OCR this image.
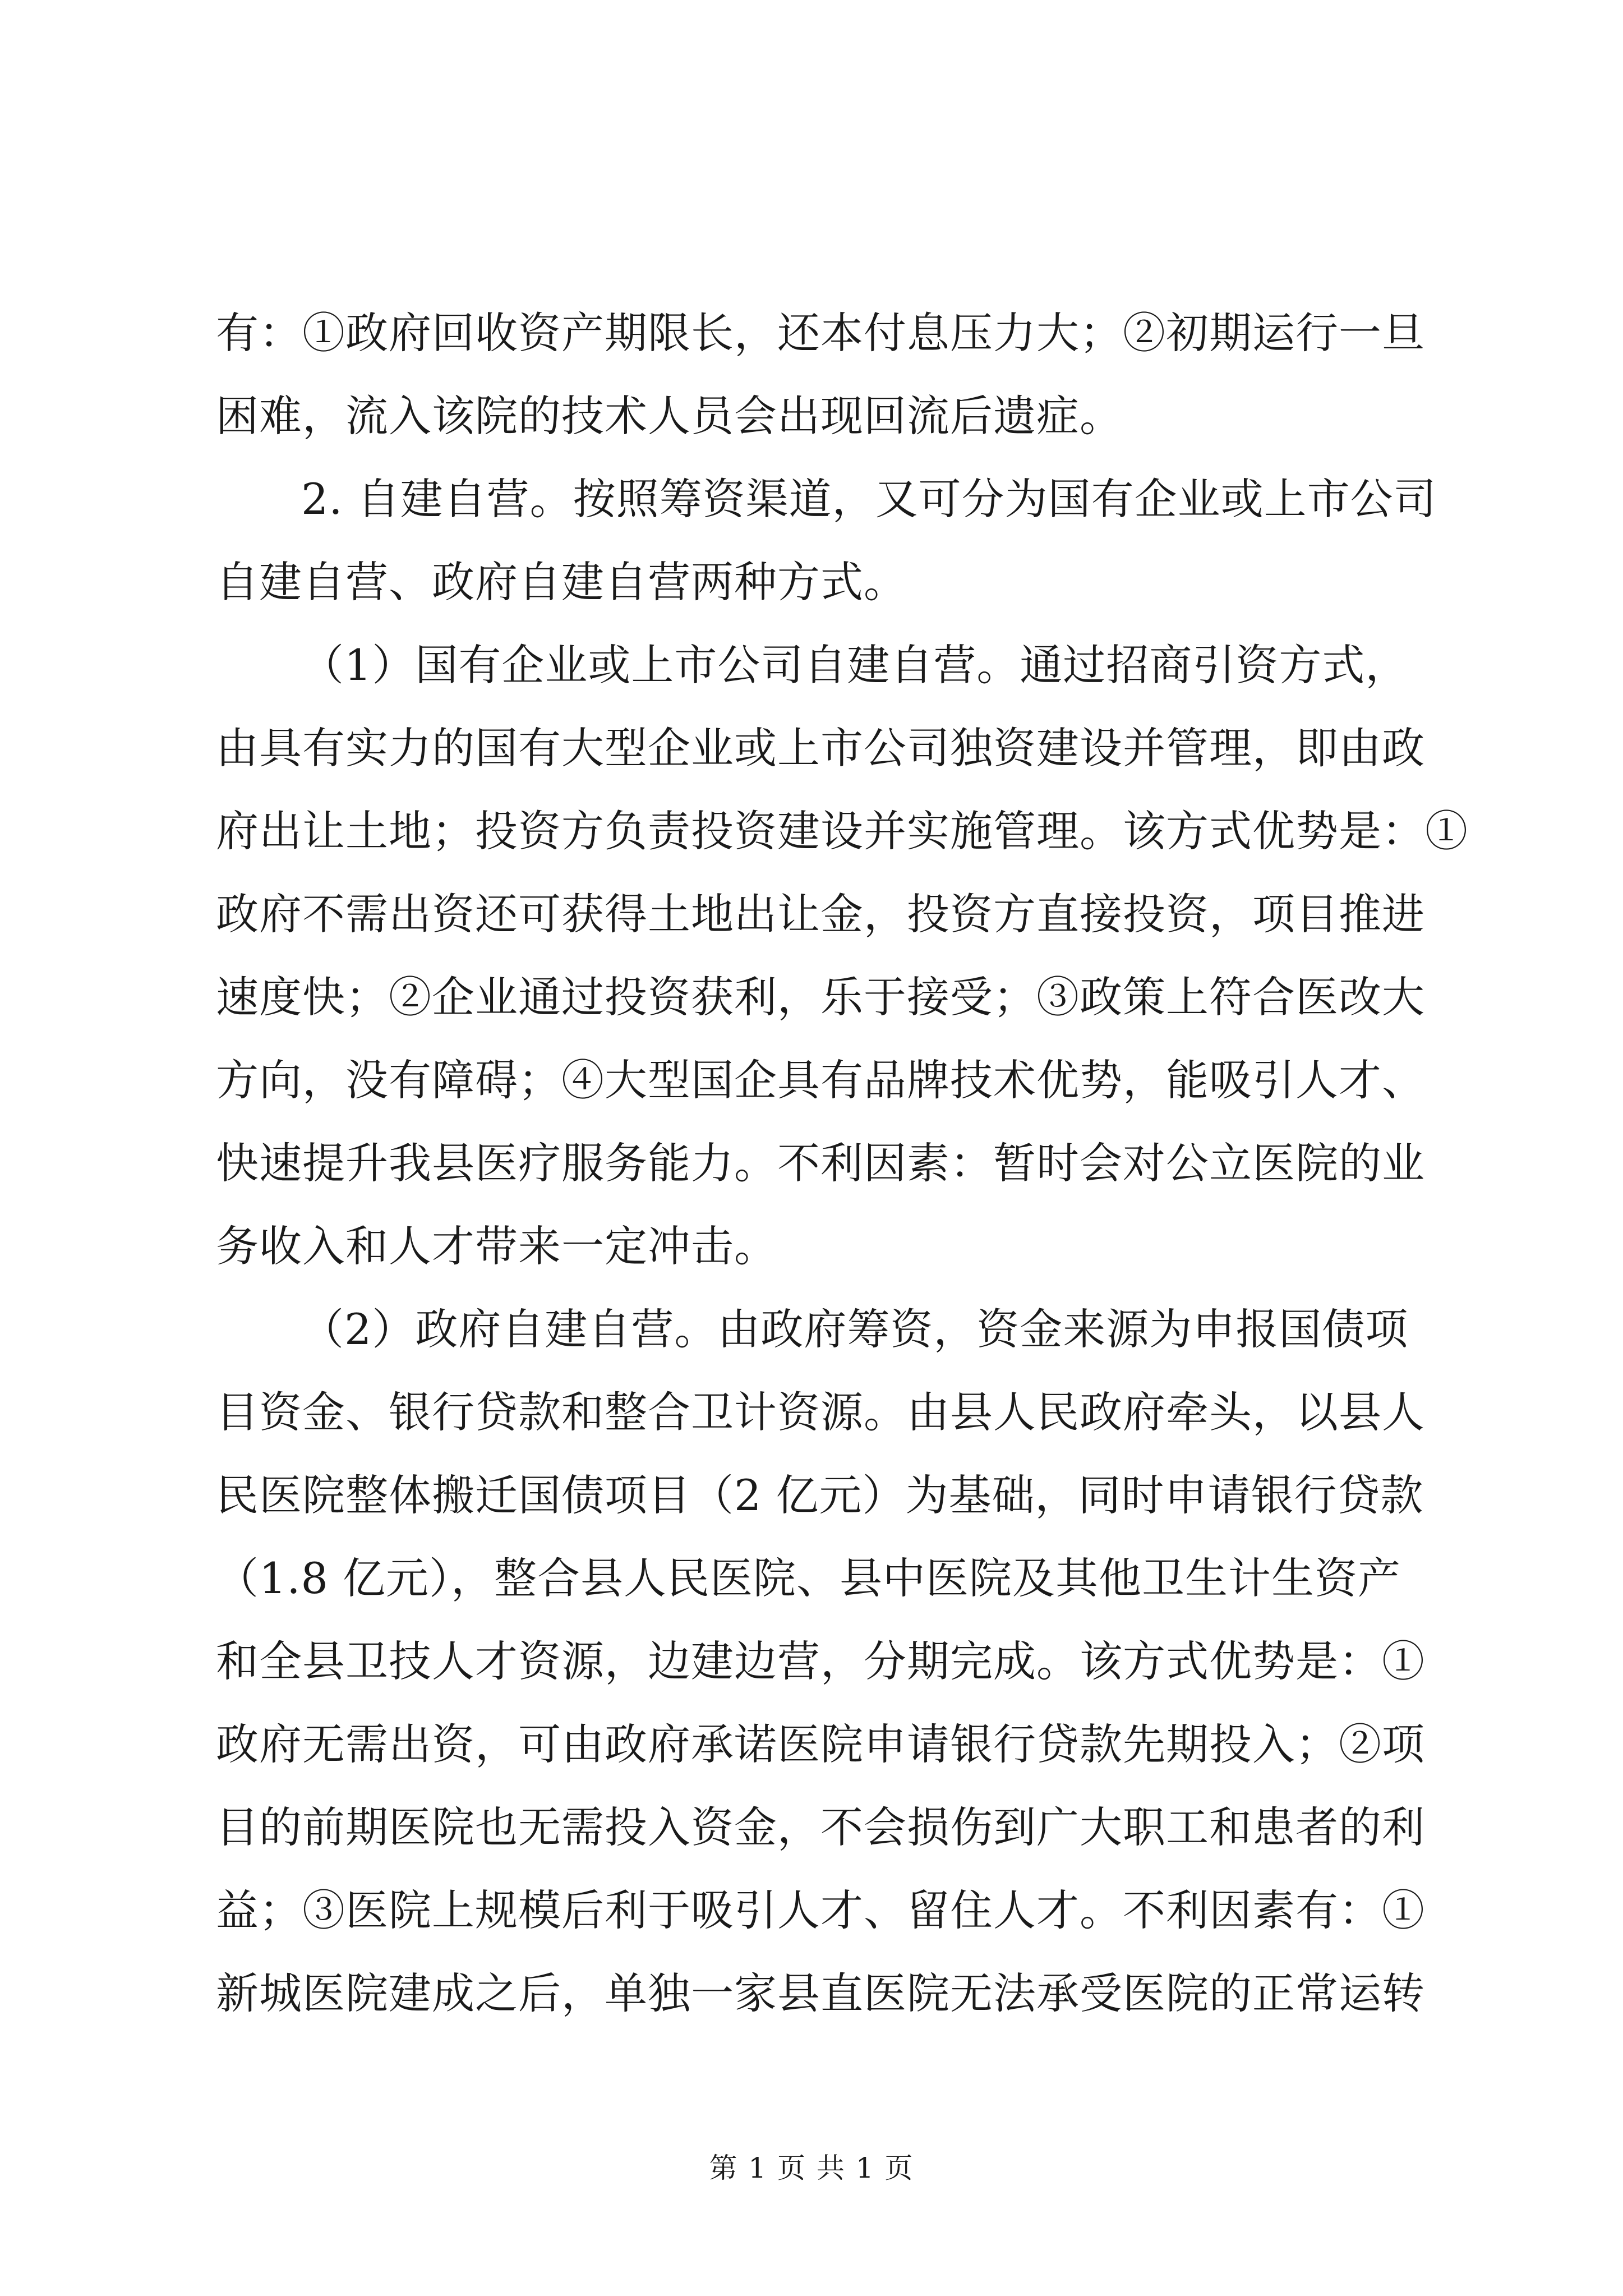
有：①政府回收资产期限长，还本付息压力大；②初期运行一旦
困难，流入该院的技术人员会出现回流后遗症。
2. 自建自营。按照筹资渠道，又可分为国有企业或上市公司
自建自营、政府自建自营两种方式。
（1）国有企业或上市公司自建自营。通过招商引资方式，
由具有实力的国有大型企业或上市公司独资建设并管理，即由政
府出让土地；投资方负责投资建设并实施管理。该方式优势是：①
政府不需出资还可获得土地出让金，投资方直接投资，项目推进
速度快；②企业通过投资获利，乐于接受；③政策上符合医改大
方向，没有障碍；④大型国企具有品牌技术优势，能吸引人才、
快速提升我县医疗服务能力。不利因素：暂时会对公立医院的业
务收入和人才带来一定冲击。
（2）政府自建自营。由政府筹资，资金来源为申报国债项
目资金、银行贷款和整合卫计资源。由县人民政府牵头，以县人
民医院整体搬迁国债项目（2 亿元）为基础，同时申请银行贷款
（1.8 亿元），整合县人民医院、县中医院及其他卫生计生资产
和全县卫技人才资源，边建边营，分期完成。该方式优势是：①
政府无需出资，可由政府承诺医院申请银行贷款先期投入；②项
目的前期医院也无需投入资金，不会损伤到广大职工和患者的利
益；③医院上规模后利于吸引人才、留住人才。不利因素有：①
新城医院建成之后，单独一家县直医院无法承受医院的正常运转
第 1 页 共 1 页
